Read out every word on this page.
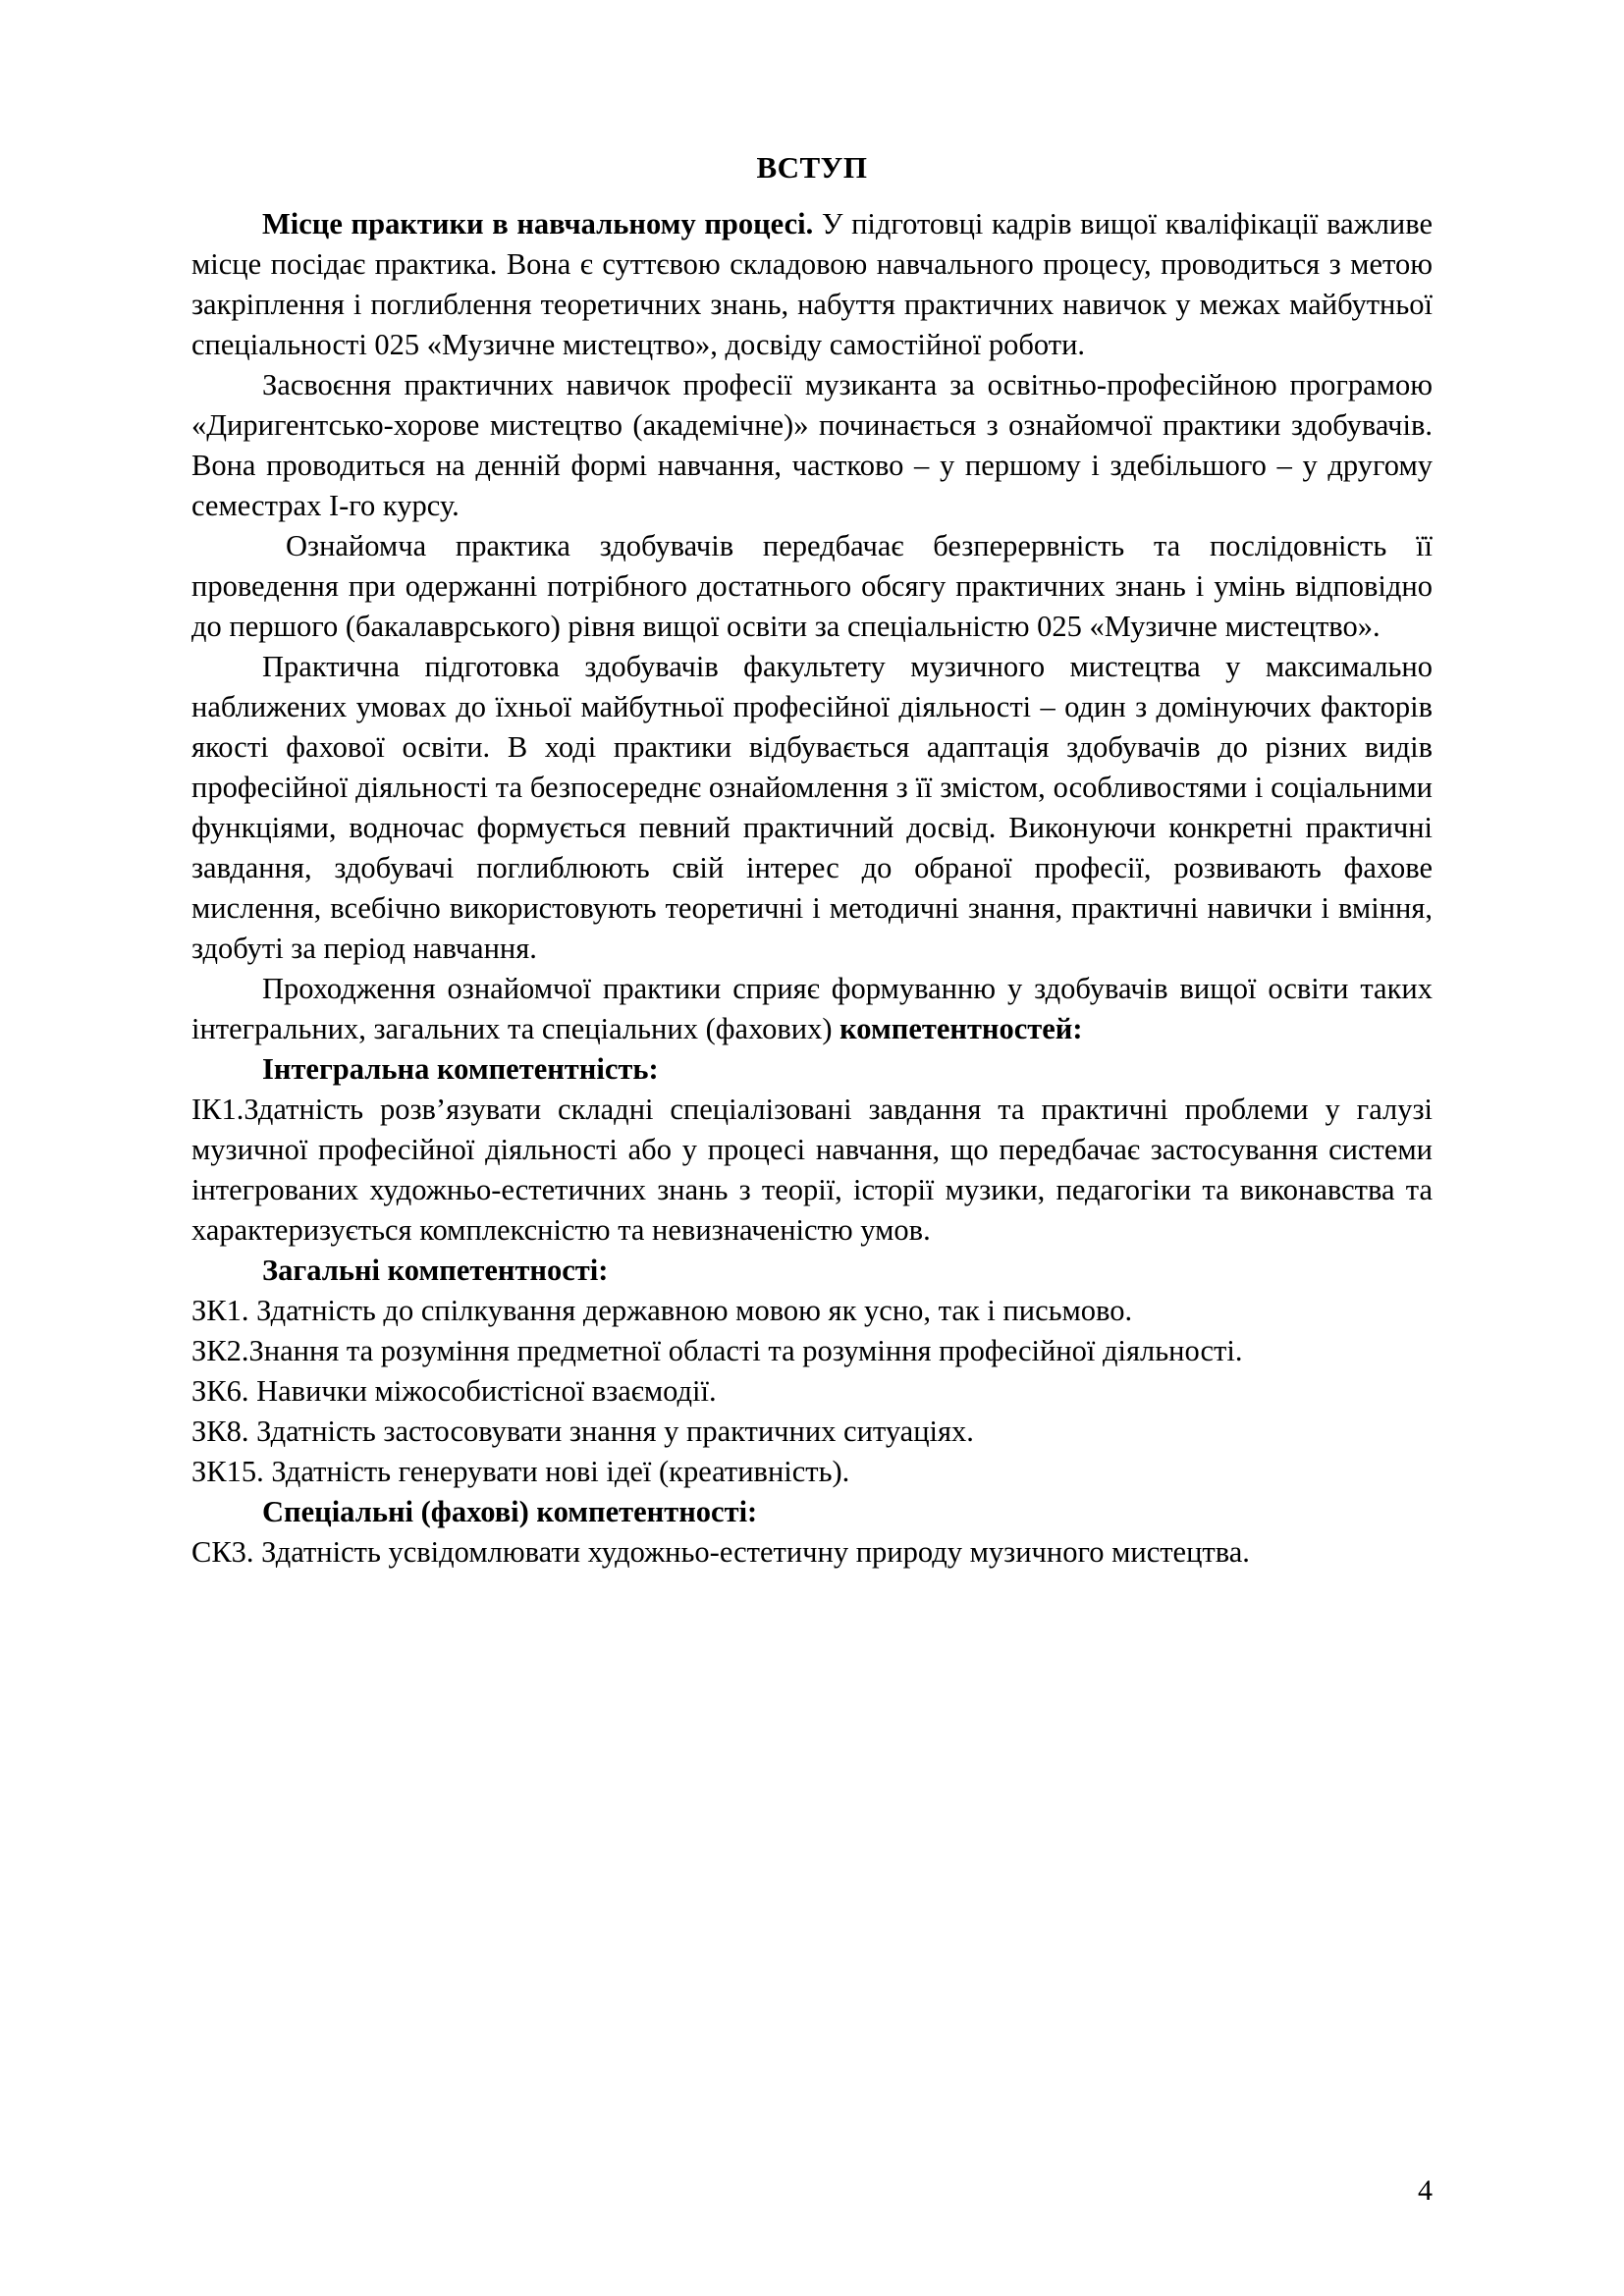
ВСТУП

Місце практики в навчальному процесі. У підготовці кадрів вищої кваліфікації важливе місце посідає практика. Вона є суттєвою складовою навчального процесу, проводиться з метою закріплення і поглиблення теоретичних знань, набуття практичних навичок у межах майбутньої спеціальності 025 «Музичне мистецтво», досвіду самостійної роботи.

Засвоєння практичних навичок професії музиканта за освітньо-професійною програмою «Диригентсько-хорове мистецтво (академічне)» починається з ознайомчої практики здобувачів. Вона проводиться на денній формі навчання, частково – у першому і здебільшого – у другому семестрах І-го курсу.

Ознайомча практика здобувачів передбачає безперервність та послідовність її проведення при одержанні потрібного достатнього обсягу практичних знань і умінь відповідно до першого (бакалаврського) рівня вищої освіти за спеціальністю 025 «Музичне мистецтво».

Практична підготовка здобувачів факультету музичного мистецтва у максимально наближених умовах до їхньої майбутньої професійної діяльності – один з домінуючих факторів якості фахової освіти. В ході практики відбувається адаптація здобувачів до різних видів професійної діяльності та безпосереднє ознайомлення з її змістом, особливостями і соціальними функціями, водночас формується певний практичний досвід. Виконуючи конкретні практичні завдання, здобувачі поглиблюють свій інтерес до обраної професії, розвивають фахове мислення, всебічно використовують теоретичні і методичні знання, практичні навички і вміння, здобуті за період навчання.

Проходження ознайомчої практики сприяє формуванню у здобувачів вищої освіти таких інтегральних, загальних та спеціальних (фахових) компетентностей:

Інтегральна компетентність:

ІК1.Здатність розв’язувати складні спеціалізовані завдання та практичні проблеми у галузі музичної професійної діяльності або у процесі навчання, що передбачає застосування системи інтегрованих художньо-естетичних знань з теорії, історії музики, педагогіки та виконавства та характеризується комплексністю та невизначеністю умов.

Загальні компетентності:

ЗК1. Здатність до спілкування державною мовою як усно, так і письмово.

ЗК2.Знання та розуміння предметної області та розуміння професійної діяльності.

ЗК6. Навички міжособистісної взаємодії.

ЗК8. Здатність застосовувати знання у практичних ситуаціях.

ЗК15. Здатність генерувати нові ідеї (креативність).

Спеціальні (фахові) компетентності:

СК3. Здатність усвідомлювати художньо-естетичну природу музичного мистецтва.

4
